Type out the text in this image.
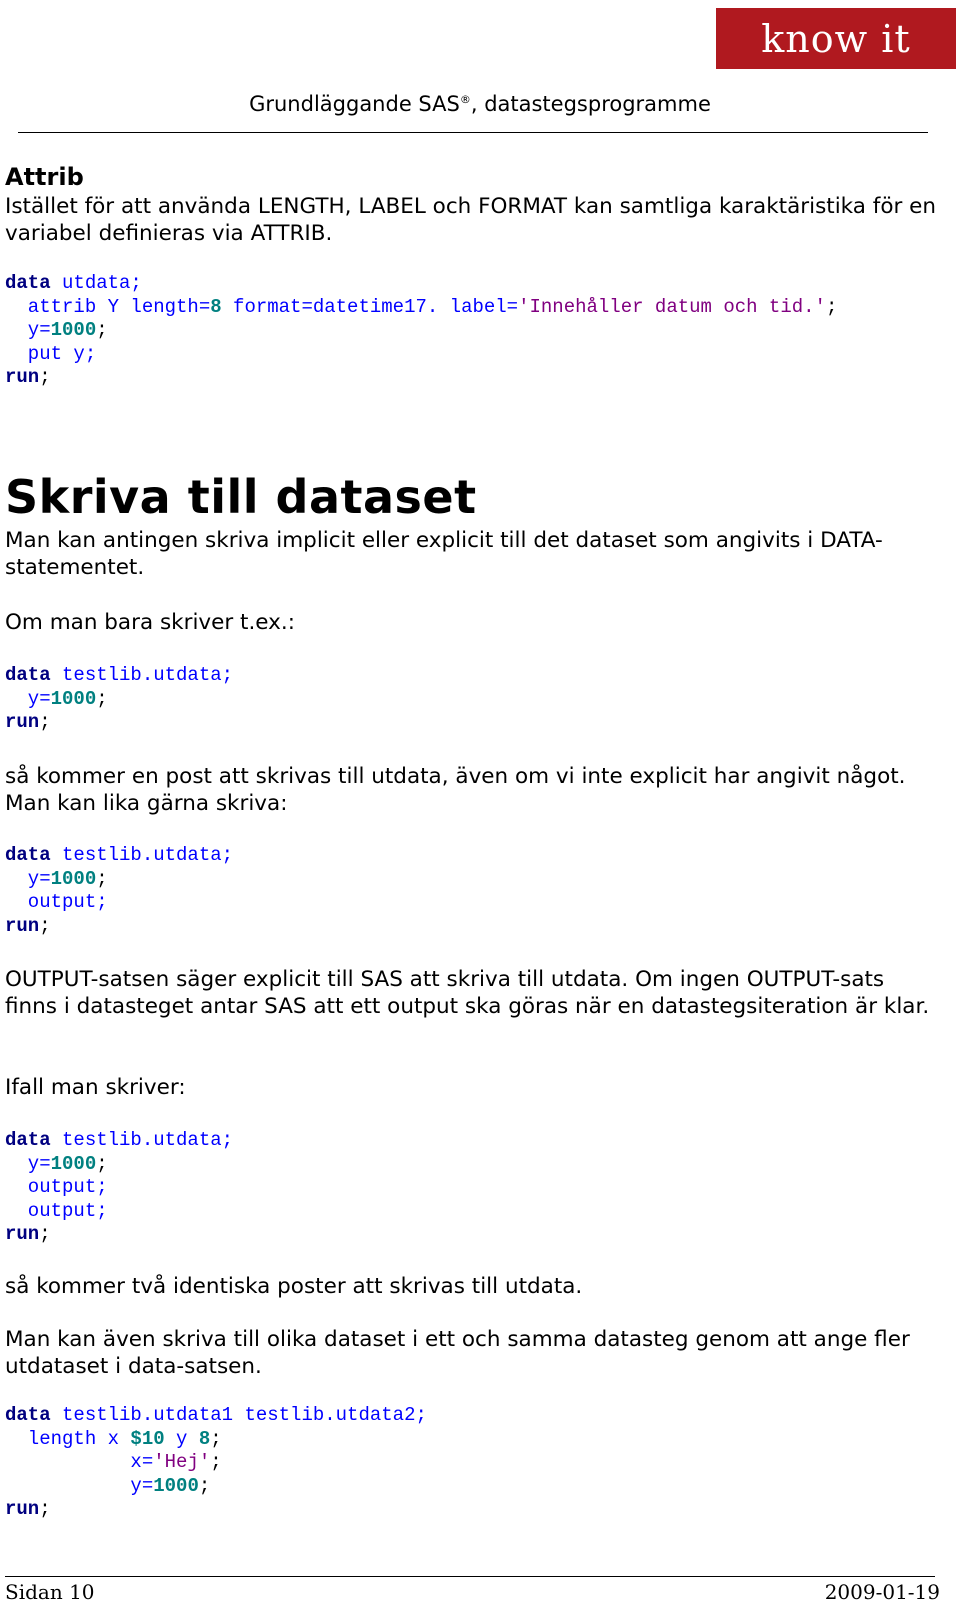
know it
Grundläggande SAS®, datastegsprogramme
Attrib

Istället för att använda LENGTH, LABEL och FORMAT kan samtliga karaktäristika för en variabel definieras via ATTRIB.

data utdata;
attrib Y length=8 format=datetime17. label='Innehåller datum och tid.';
y=1000;
put y;
run;
Skriva till dataset

Man kan antingen skriva implicit eller explicit till det dataset som angivits i DATA-statementet.

Om man bara skriver t.ex.:

data testlib.utdata;
y=1000;
run;

så kommer en post att skrivas till utdata, även om vi inte explicit har angivit något. Man kan lika gärna skriva:

data testlib.utdata;
y=1000;
output;
run;

OUTPUT-satsen säger explicit till SAS att skriva till utdata. Om ingen OUTPUT-sats finns i datasteget antar SAS att ett output ska göras när en datastegsiteration är klar.

Ifall man skriver:

data testlib.utdata;
y=1000;
output;
output;
run;

så kommer två identiska poster att skrivas till utdata.

Man kan även skriva till olika dataset i ett och samma datasteg genom att ange fler utdataset i data-satsen.

data testlib.utdata1 testlib.utdata2;
length x $10 y 8;
x='Hej';
y=1000;
run;
Sidan 10	2009-01-19
